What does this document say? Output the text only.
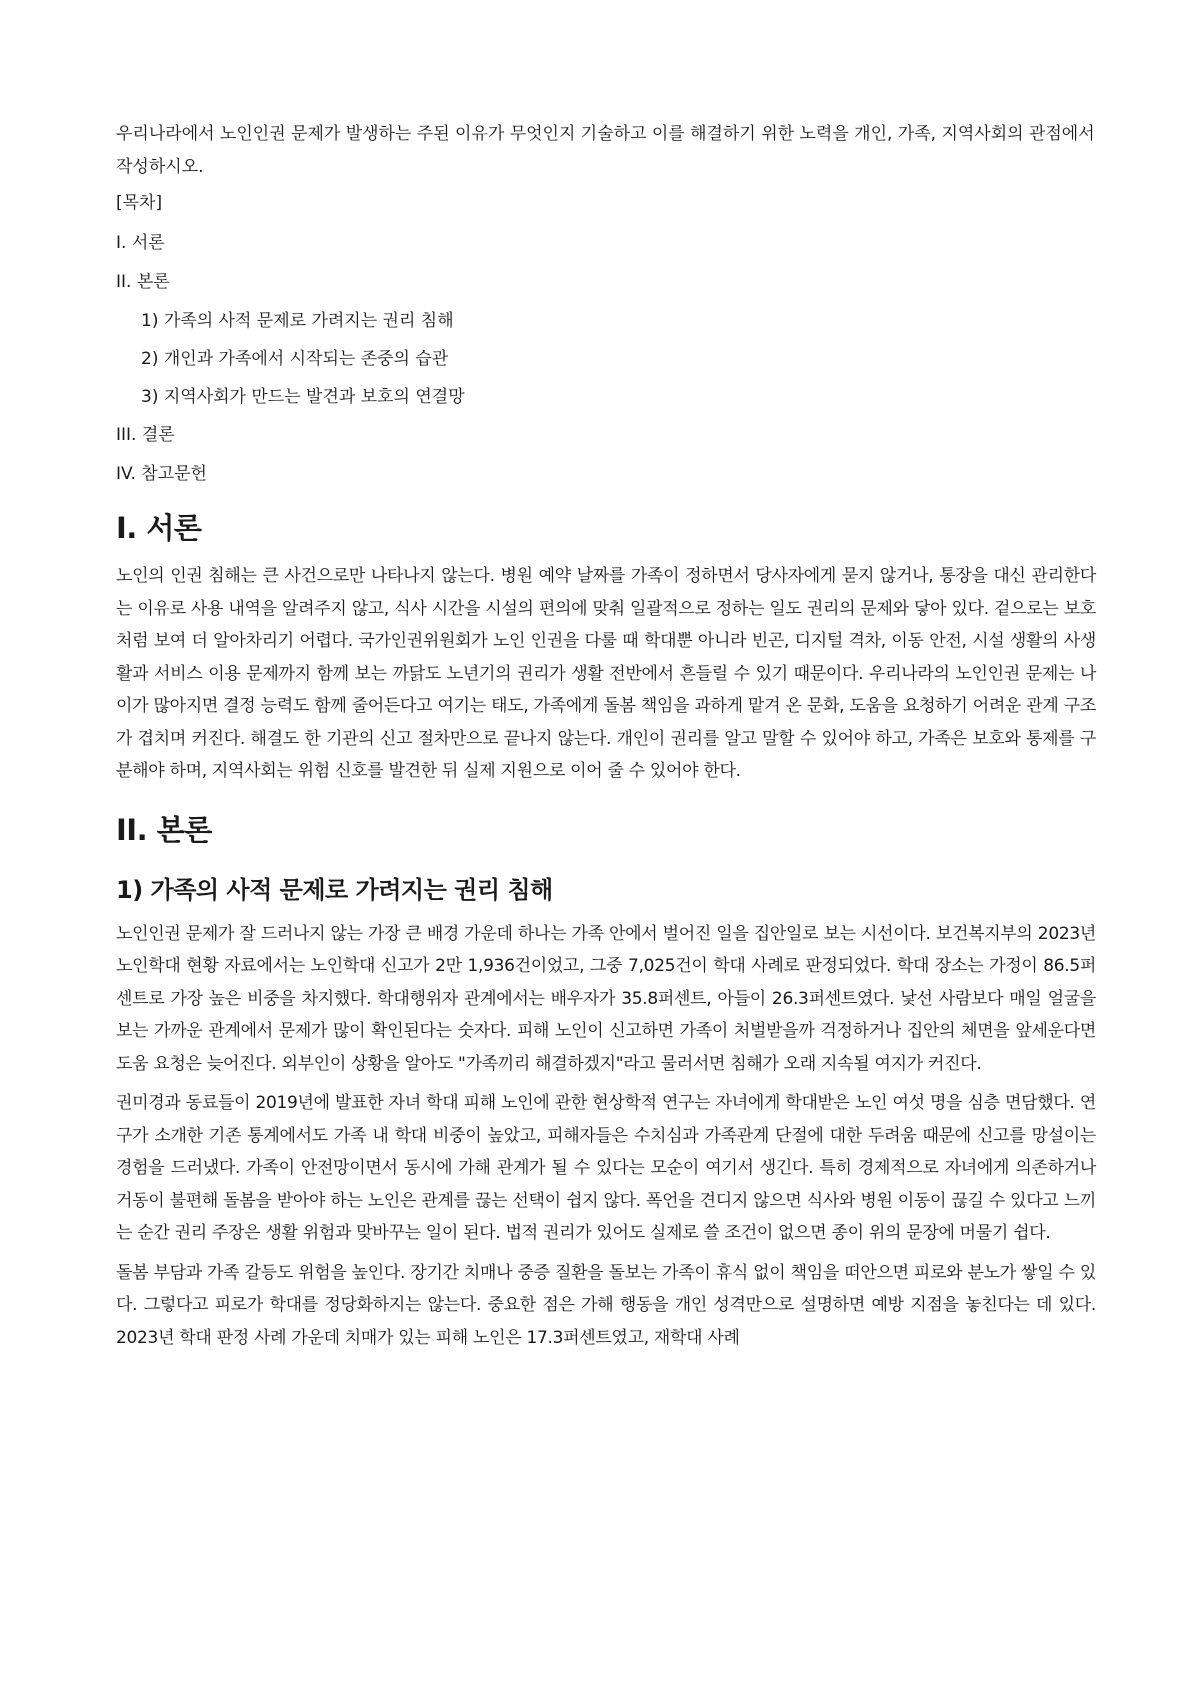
우리나라에서 노인인권 문제가 발생하는 주된 이유가 무엇인지 기술하고 이를 해결하기 위한 노력을 개인, 가족, 지역사회의 관점에서 작성하시오.

[목차]
I. 서론
II. 본론
1) 가족의 사적 문제로 가려지는 권리 침해
2) 개인과 가족에서 시작되는 존중의 습관
3) 지역사회가 만드는 발견과 보호의 연결망
III. 결론
IV. 참고문헌
I. 서론

노인의 인권 침해는 큰 사건으로만 나타나지 않는다. 병원 예약 날짜를 가족이 정하면서 당사자에게 묻지 않거나, 통장을 대신 관리한다는 이유로 사용 내역을 알려주지 않고, 식사 시간을 시설의 편의에 맞춰 일괄적으로 정하는 일도 권리의 문제와 닿아 있다. 겉으로는 보호처럼 보여 더 알아차리기 어렵다. 국가인권위원회가 노인 인권을 다룰 때 학대뿐 아니라 빈곤, 디지털 격차, 이동 안전, 시설 생활의 사생활과 서비스 이용 문제까지 함께 보는 까닭도 노년기의 권리가 생활 전반에서 흔들릴 수 있기 때문이다. 우리나라의 노인인권 문제는 나이가 많아지면 결정 능력도 함께 줄어든다고 여기는 태도, 가족에게 돌봄 책임을 과하게 맡겨 온 문화, 도움을 요청하기 어려운 관계 구조가 겹치며 커진다. 해결도 한 기관의 신고 절차만으로 끝나지 않는다. 개인이 권리를 알고 말할 수 있어야 하고, 가족은 보호와 통제를 구분해야 하며, 지역사회는 위험 신호를 발견한 뒤 실제 지원으로 이어 줄 수 있어야 한다.

II. 본론
1) 가족의 사적 문제로 가려지는 권리 침해

노인인권 문제가 잘 드러나지 않는 가장 큰 배경 가운데 하나는 가족 안에서 벌어진 일을 집안일로 보는 시선이다. 보건복지부의 2023년 노인학대 현황 자료에서는 노인학대 신고가 2만 1,936건이었고, 그중 7,025건이 학대 사례로 판정되었다. 학대 장소는 가정이 86.5퍼센트로 가장 높은 비중을 차지했다. 학대행위자 관계에서는 배우자가 35.8퍼센트, 아들이 26.3퍼센트였다. 낯선 사람보다 매일 얼굴을 보는 가까운 관계에서 문제가 많이 확인된다는 숫자다. 피해 노인이 신고하면 가족이 처벌받을까 걱정하거나 집안의 체면을 앞세운다면 도움 요청은 늦어진다. 외부인이 상황을 알아도 "가족끼리 해결하겠지"라고 물러서면 침해가 오래 지속될 여지가 커진다.

권미경과 동료들이 2019년에 발표한 자녀 학대 피해 노인에 관한 현상학적 연구는 자녀에게 학대받은 노인 여섯 명을 심층 면담했다. 연구가 소개한 기존 통계에서도 가족 내 학대 비중이 높았고, 피해자들은 수치심과 가족관계 단절에 대한 두려움 때문에 신고를 망설이는 경험을 드러냈다. 가족이 안전망이면서 동시에 가해 관계가 될 수 있다는 모순이 여기서 생긴다. 특히 경제적으로 자녀에게 의존하거나 거동이 불편해 돌봄을 받아야 하는 노인은 관계를 끊는 선택이 쉽지 않다. 폭언을 견디지 않으면 식사와 병원 이동이 끊길 수 있다고 느끼는 순간 권리 주장은 생활 위험과 맞바꾸는 일이 된다. 법적 권리가 있어도 실제로 쓸 조건이 없으면 종이 위의 문장에 머물기 쉽다.

돌봄 부담과 가족 갈등도 위험을 높인다. 장기간 치매나 중증 질환을 돌보는 가족이 휴식 없이 책임을 떠안으면 피로와 분노가 쌓일 수 있다. 그렇다고 피로가 학대를 정당화하지는 않는다. 중요한 점은 가해 행동을 개인 성격만으로 설명하면 예방 지점을 놓친다는 데 있다. 2023년 학대 판정 사례 가운데 치매가 있는 피해 노인은 17.3퍼센트였고, 재학대 사례
